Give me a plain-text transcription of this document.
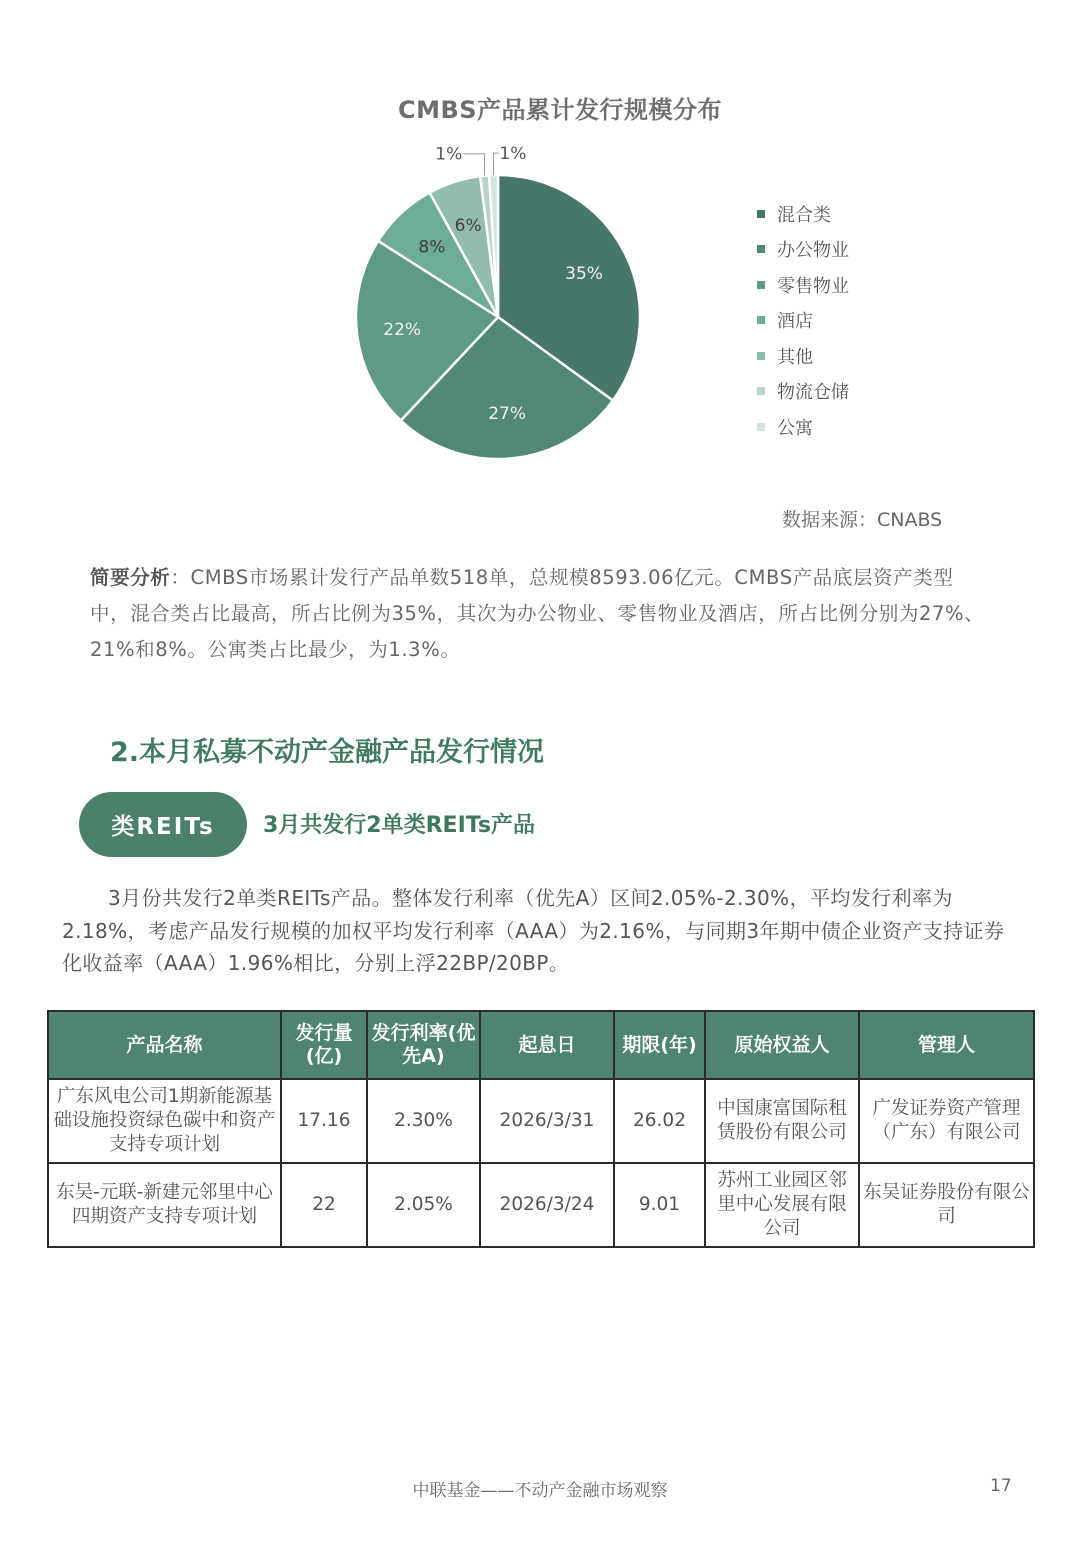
CMBS产品累计发行规模分布
35%
27%
22%
8%
6%
1% 1%
混合类
办公物业
零售物业
酒店
其他
物流仓储
公寓
数据来源：CNABS
简要分析：CMBS市场累计发行产品单数518单，总规模8593.06亿元。CMBS产品底层资产类型中，混合类占比最高，所占比例为35%，其次为办公物业、零售物业及酒店，所占比例分别为27%、21%和8%。公寓类占比最少，为1.3%。
2.本月私募不动产金融产品发行情况
类REITs	3月共发行2单类REITs产品
3月份共发行2单类REITs产品。整体发行利率（优先A）区间2.05%-2.30%，平均发行利率为2.18%，考虑产品发行规模的加权平均发行利率（AAA）为2.16%，与同期3年期中债企业资产支持证券化收益率（AAA）1.96%相比，分别上浮22BP/20BP。
产品名称	发行量(亿)	发行利率(优先A)	起息日	期限(年)	原始权益人	管理人
广东风电公司1期新能源基础设施投资绿色碳中和资产支持专项计划	17.16	2.30%	2026/3/31	26.02	中国康富国际租赁股份有限公司	广发证券资产管理（广东）有限公司
东吴-元联-新建元邻里中心四期资产支持专项计划	22	2.05%	2026/3/24	9.01	苏州工业园区邻里中心发展有限公司	东吴证券股份有限公司
中联基金——不动产金融市场观察	17
